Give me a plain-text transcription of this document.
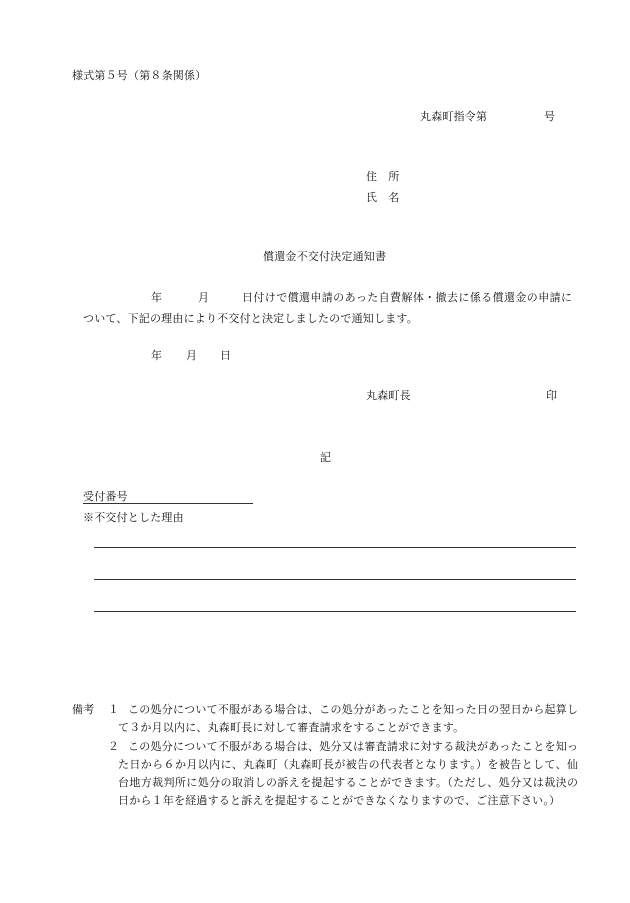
様式第５号（第８条関係）
丸森町指令第	号
住　所
氏　名
償還金不交付決定通知書
年	月	日付けで償還申請のあった自費解体・撤去に係る償還金の申請に
ついて、下記の理由により不交付と決定しましたので通知します。
年 月 日
丸森町長	印
記
受付番号
※不交付とした理由
備考 １ この処分について不服がある場合は、この処分があったことを知った日の翌日から起算し
て３か月以内に、丸森町長に対して審査請求をすることができます。
２ この処分について不服がある場合は、処分又は審査請求に対する裁決があったことを知っ
た日から６か月以内に、丸森町（丸森町長が被告の代表者となります。）を被告として、仙
台地方裁判所に処分の取消しの訴えを提起することができます。（ただし、処分又は裁決の
日から１年を経過すると訴えを提起することができなくなりますので、ご注意下さい。）
